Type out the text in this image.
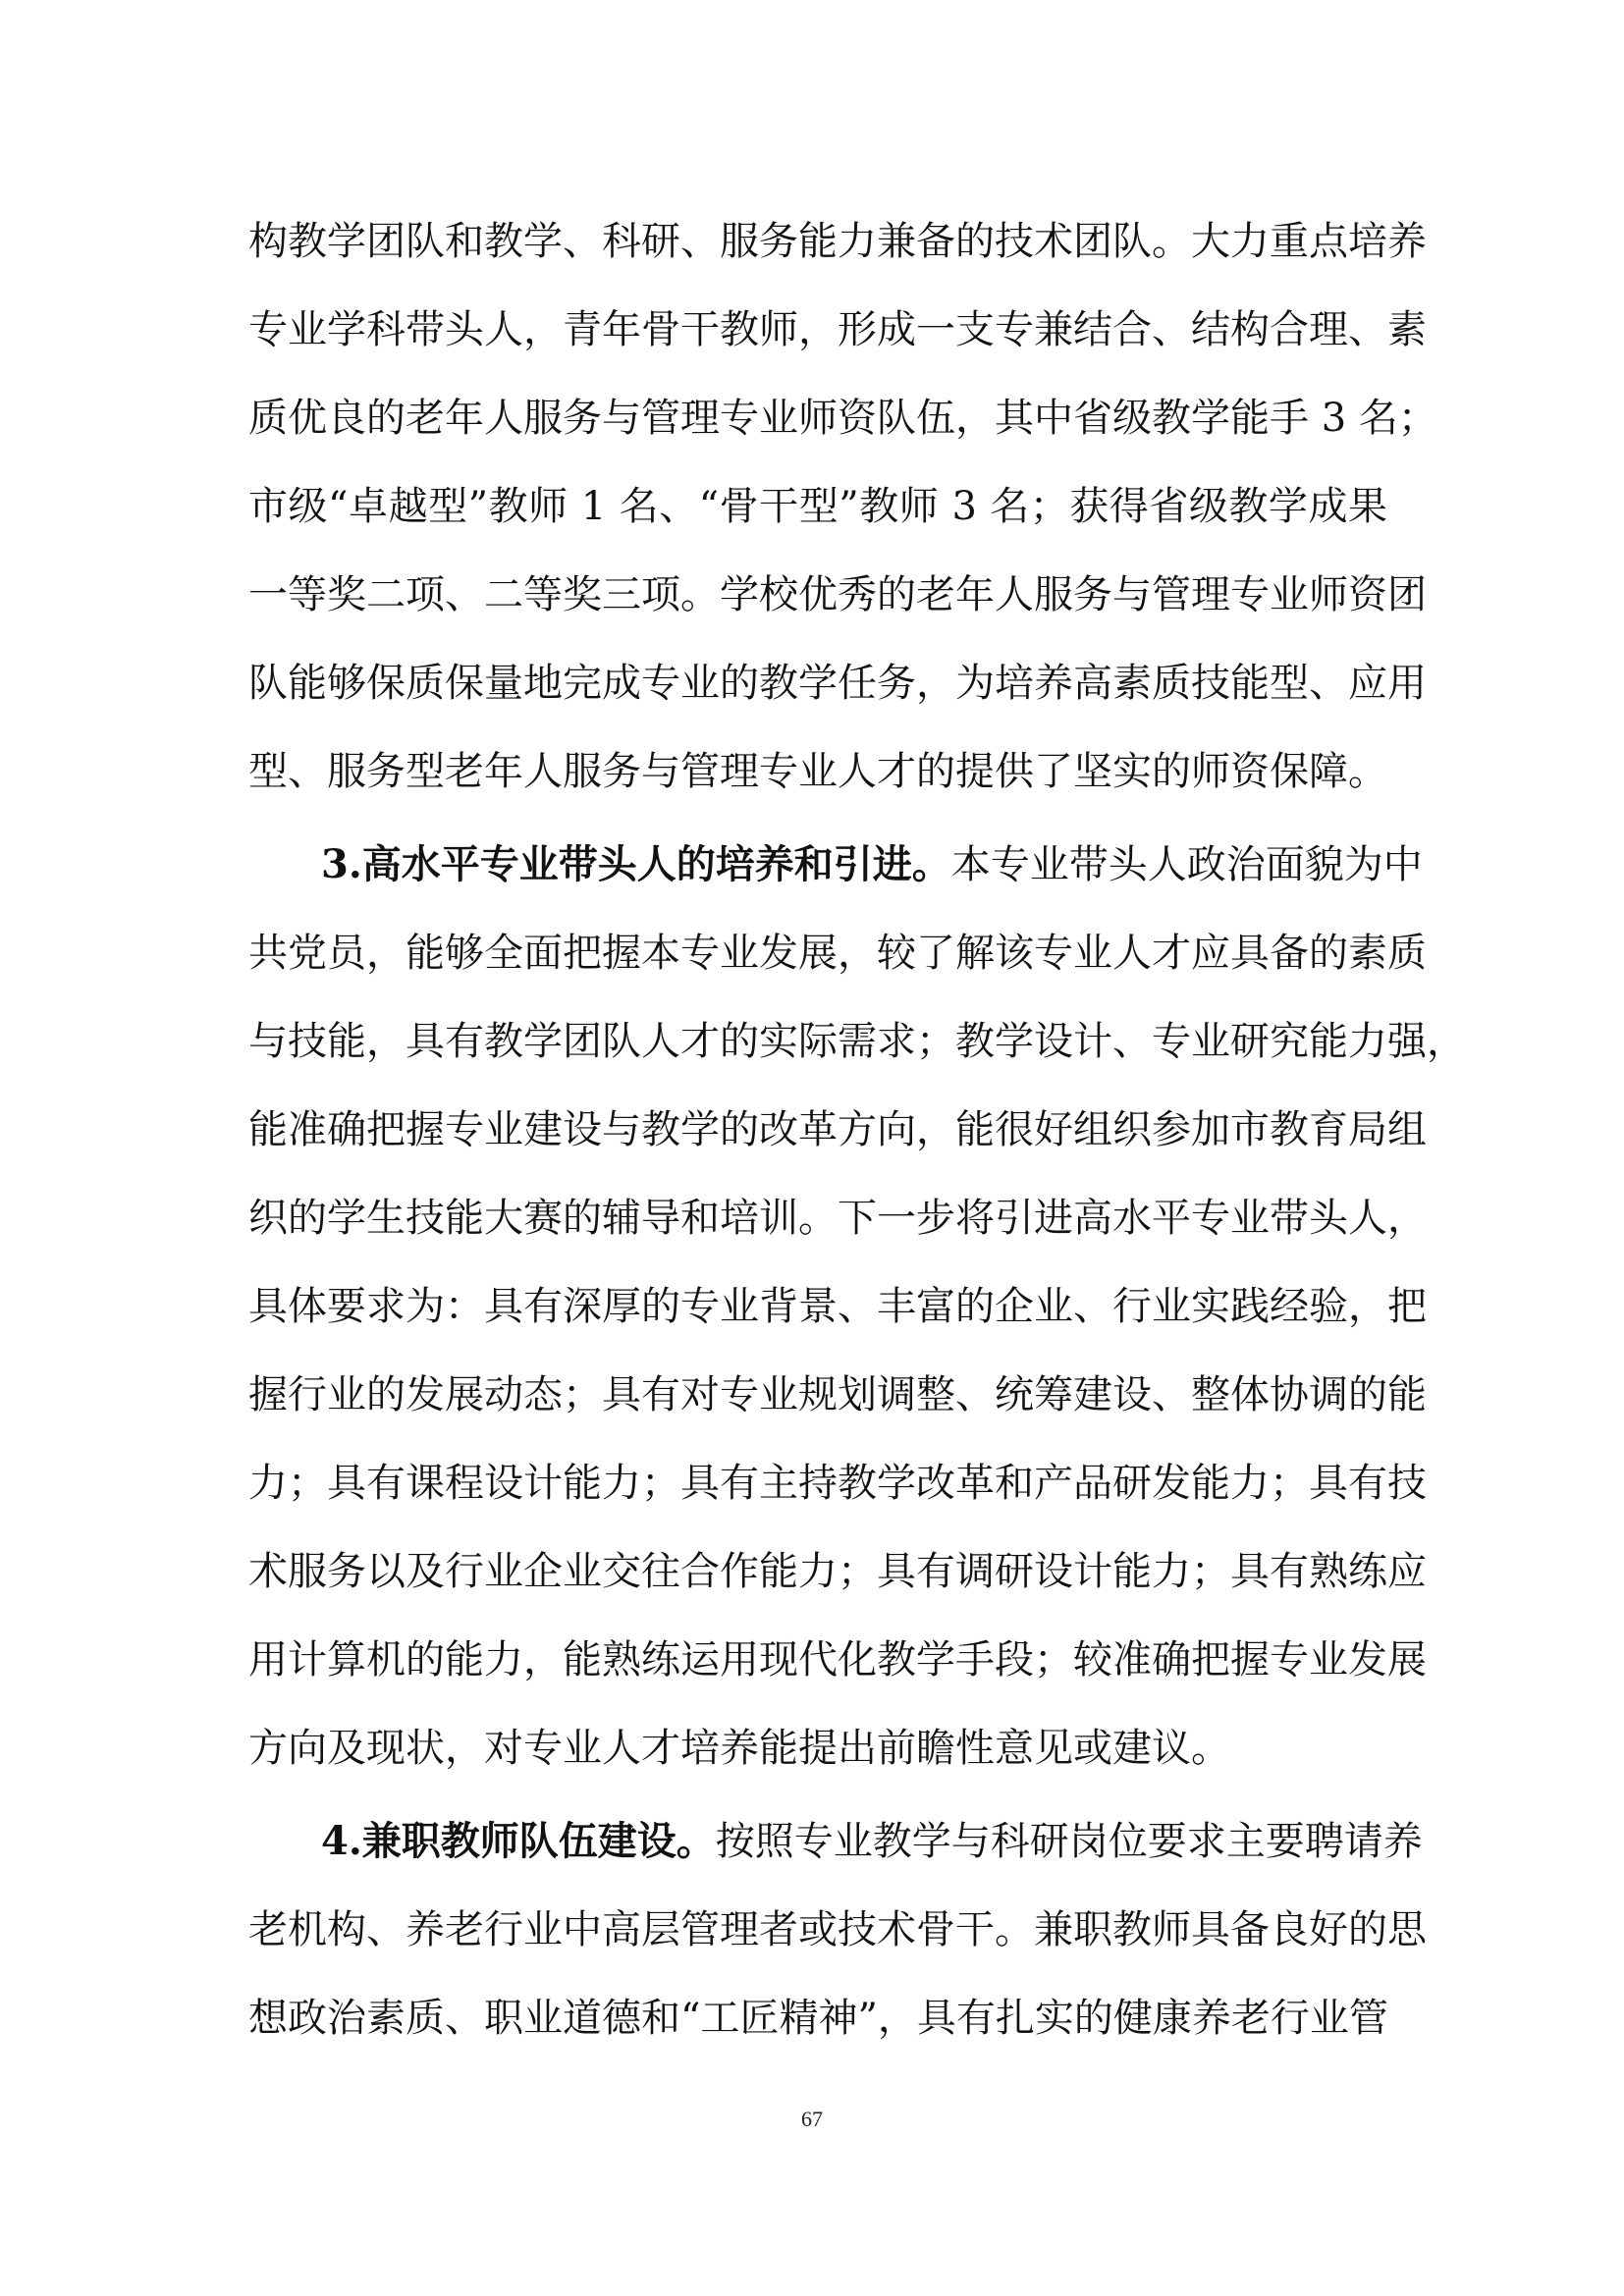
构教学团队和教学、科研、服务能力兼备的技术团队。大力重点培养
专业学科带头人，青年骨干教师，形成一支专兼结合、结构合理、素
质优良的老年人服务与管理专业师资队伍，其中省级教学能手 3 名；
市级“卓越型”教师 1 名、“骨干型”教师 3 名；获得省级教学成果
一等奖二项、二等奖三项。学校优秀的老年人服务与管理专业师资团
队能够保质保量地完成专业的教学任务，为培养高素质技能型、应用
型、服务型老年人服务与管理专业人才的提供了坚实的师资保障。
3.高水平专业带头人的培养和引进。本专业带头人政治面貌为中
共党员，能够全面把握本专业发展，较了解该专业人才应具备的素质
与技能，具有教学团队人才的实际需求；教学设计、专业研究能力强，
能准确把握专业建设与教学的改革方向，能很好组织参加市教育局组
织的学生技能大赛的辅导和培训。下一步将引进高水平专业带头人，
具体要求为：具有深厚的专业背景、丰富的企业、行业实践经验，把
握行业的发展动态；具有对专业规划调整、统筹建设、整体协调的能
力；具有课程设计能力；具有主持教学改革和产品研发能力；具有技
术服务以及行业企业交往合作能力；具有调研设计能力；具有熟练应
用计算机的能力，能熟练运用现代化教学手段；较准确把握专业发展
方向及现状，对专业人才培养能提出前瞻性意见或建议。
4.兼职教师队伍建设。按照专业教学与科研岗位要求主要聘请养
老机构、养老行业中高层管理者或技术骨干。兼职教师具备良好的思
想政治素质、职业道德和“工匠精神”，具有扎实的健康养老行业管
67
